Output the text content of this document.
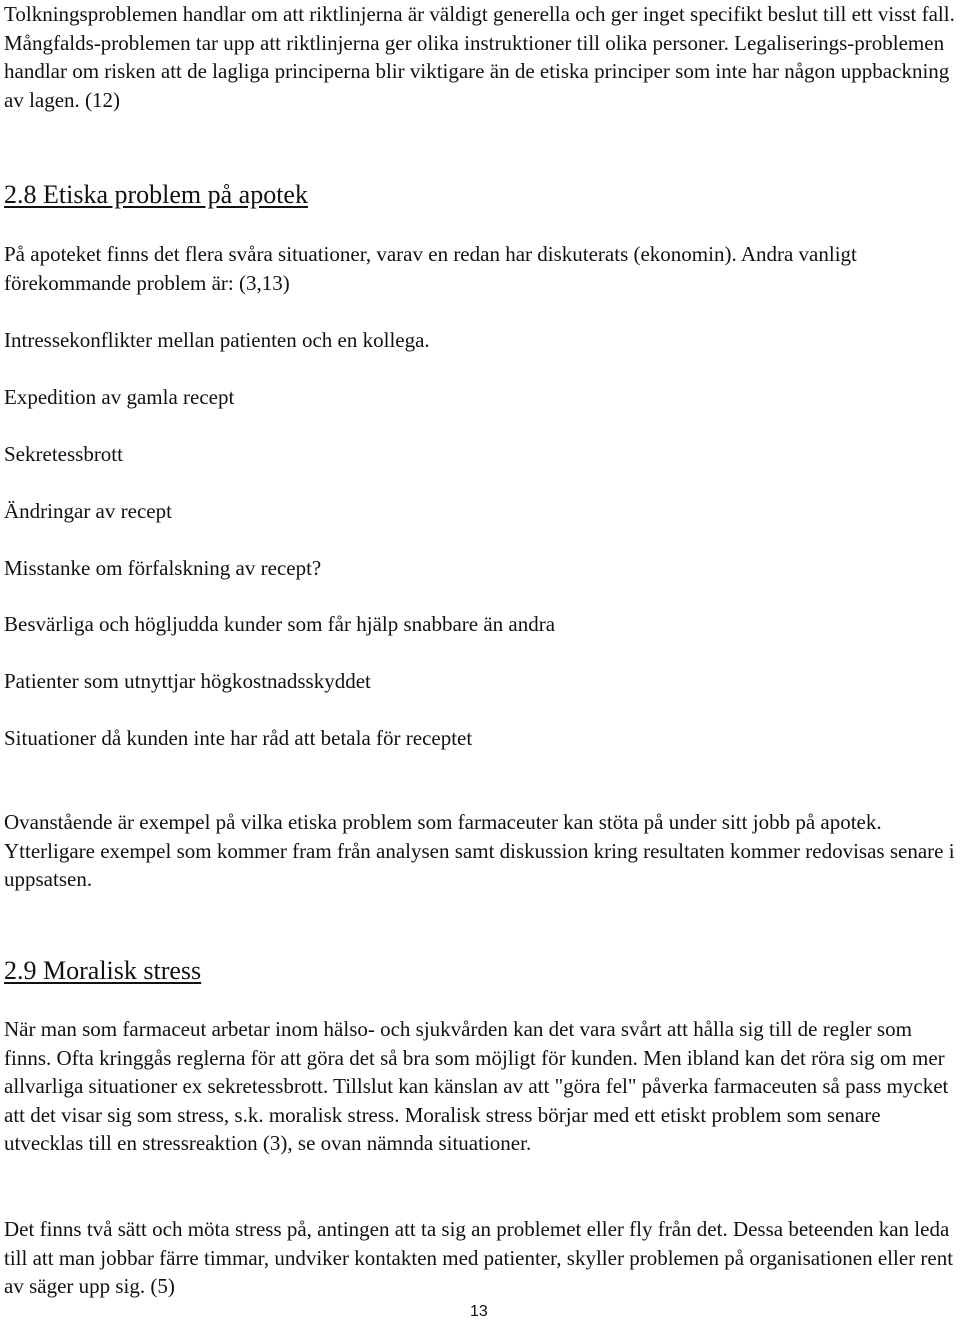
Tolkningsproblemen handlar om att riktlinjerna är väldigt generella och ger inget specifikt beslut till ett visst fall. Mångfalds-problemen tar upp att riktlinjerna ger olika instruktioner till olika personer. Legaliserings-problemen handlar om risken att de lagliga principerna blir viktigare än de etiska principer som inte har någon uppbackning av lagen. (12)

2.8 Etiska problem på apotek

På apoteket finns det flera svåra situationer, varav en redan har diskuterats (ekonomin). Andra vanligt förekommande problem är: (3,13)

Intressekonflikter mellan patienten och en kollega.

Expedition av gamla recept

Sekretessbrott

Ändringar av recept

Misstanke om förfalskning av recept?

Besvärliga och högljudda kunder som får hjälp snabbare än andra

Patienter som utnyttjar högkostnadsskyddet

Situationer då kunden inte har råd att betala för receptet

Ovanstående är exempel på vilka etiska problem som farmaceuter kan stöta på under sitt jobb på apotek. Ytterligare exempel som kommer fram från analysen samt diskussion kring resultaten kommer redovisas senare i uppsatsen.

2.9 Moralisk stress

När man som farmaceut arbetar inom hälso- och sjukvården kan det vara svårt att hålla sig till de regler som finns. Ofta kringgås reglerna för att göra det så bra som möjligt för kunden. Men ibland kan det röra sig om mer allvarliga situationer ex sekretessbrott. Tillslut kan känslan av att "göra fel" påverka farmaceuten så pass mycket att det visar sig som stress, s.k. moralisk stress. Moralisk stress börjar med ett etiskt problem som senare utvecklas till en stressreaktion (3), se ovan nämnda situationer.

Det finns två sätt och möta stress på, antingen att ta sig an problemet eller fly från det. Dessa beteenden kan leda till att man jobbar färre timmar, undviker kontakten med patienter, skyller problemen på organisationen eller rent av säger upp sig. (5)

13
